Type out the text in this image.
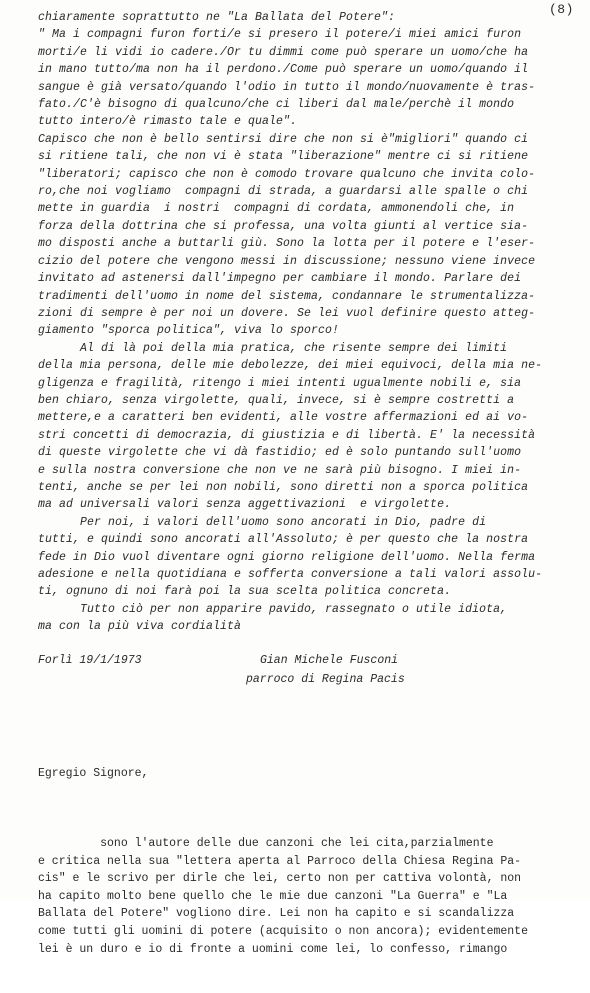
(8)
chiaramente soprattutto ne "La Ballata del Potere":
" Ma i compagni furon forti/e si presero il potere/i miei amici furon
morti/e li vidi io cadere./Or tu dimmi come può sperare un uomo/che ha
in mano tutto/ma non ha il perdono./Come può sperare un uomo/quando il
sangue è già versato/quando l'odio in tutto il mondo/nuovamente è tras-
fato./C'è bisogno di qualcuno/che ci liberi dal male/perchè il mondo
tutto intero/è rimasto tale e quale".
Capisco che non è bello sentirsi dire che non si è"migliori" quando ci
si ritiene tali, che non vi è stata "liberazione" mentre ci si ritiene
"liberatori; capisco che non è comodo trovare qualcuno che invita colo-
ro,che noi vogliamo  compagni di strada, a guardarsi alle spalle o chi
mette in guardia  i nostri  compagni di cordata, ammonendoli che, in
forza della dottrina che si professa, una volta giunti al vertice sia-
mo disposti anche a buttarli giù. Sono la lotta per il potere e l'eser-
cizio del potere che vengono messi in discussione; nessuno viene invece
invitato ad astenersi dall'impegno per cambiare il mondo. Parlare dei
tradimenti dell'uomo in nome del sistema, condannare le strumentalizza-
zioni di sempre è per noi un dovere. Se lei vuol definire questo atteg-
giamento "sporca politica", viva lo sporco!
Al di là poi della mia pratica, che risente sempre dei limiti
della mia persona, delle mie debolezze, dei miei equivoci, della mia ne-
gligenza e fragilità, ritengo i miei intenti ugualmente nobili e, sia
ben chiaro, senza virgolette, quali, invece, si è sempre costretti a
mettere,e a caratteri ben evidenti, alle vostre affermazioni ed ai vo-
stri concetti di democrazia, di giustizia e di libertà. E' la necessità
di queste virgolette che vi dà fastidio; ed è solo puntando sull'uomo
e sulla nostra conversione che non ve ne sarà più bisogno. I miei in-
tenti, anche se per lei non nobili, sono diretti non a sporca politica
ma ad universali valori senza aggettivazioni  e virgolette.
Per noi, i valori dell'uomo sono ancorati in Dio, padre di
tutti, e quindi sono ancorati all'Assoluto; è per questo che la nostra
fede in Dio vuol diventare ogni giorno religione dell'uomo. Nella ferma
adesione e nella quotidiana e sofferta conversione a tali valori assolu-
ti, ognuno di noi farà poi la sua scelta politica concreta.
Tutto ciò per non apparire pavido, rassegnato o utile idiota,
ma con la più viva cordialità

Forlì 19/1/1973

	Gian Michele Fusconi

parroco di Regina Pacis

Egregio Signore,

sono l'autore delle due canzoni che lei cita,parzialmente
e critica nella sua "lettera aperta al Parroco della Chiesa Regina Pa-
cis" e le scrivo per dirle che lei, certo non per cattiva volontà, non
ha capito molto bene quello che le mie due canzoni "La Guerra" e "La
Ballata del Potere" vogliono dire. Lei non ha capito e si scandalizza
come tutti gli uomini di potere (acquisito o non ancora); evidentemente
lei è un duro e io di fronte a uomini come lei, lo confesso, rimango
